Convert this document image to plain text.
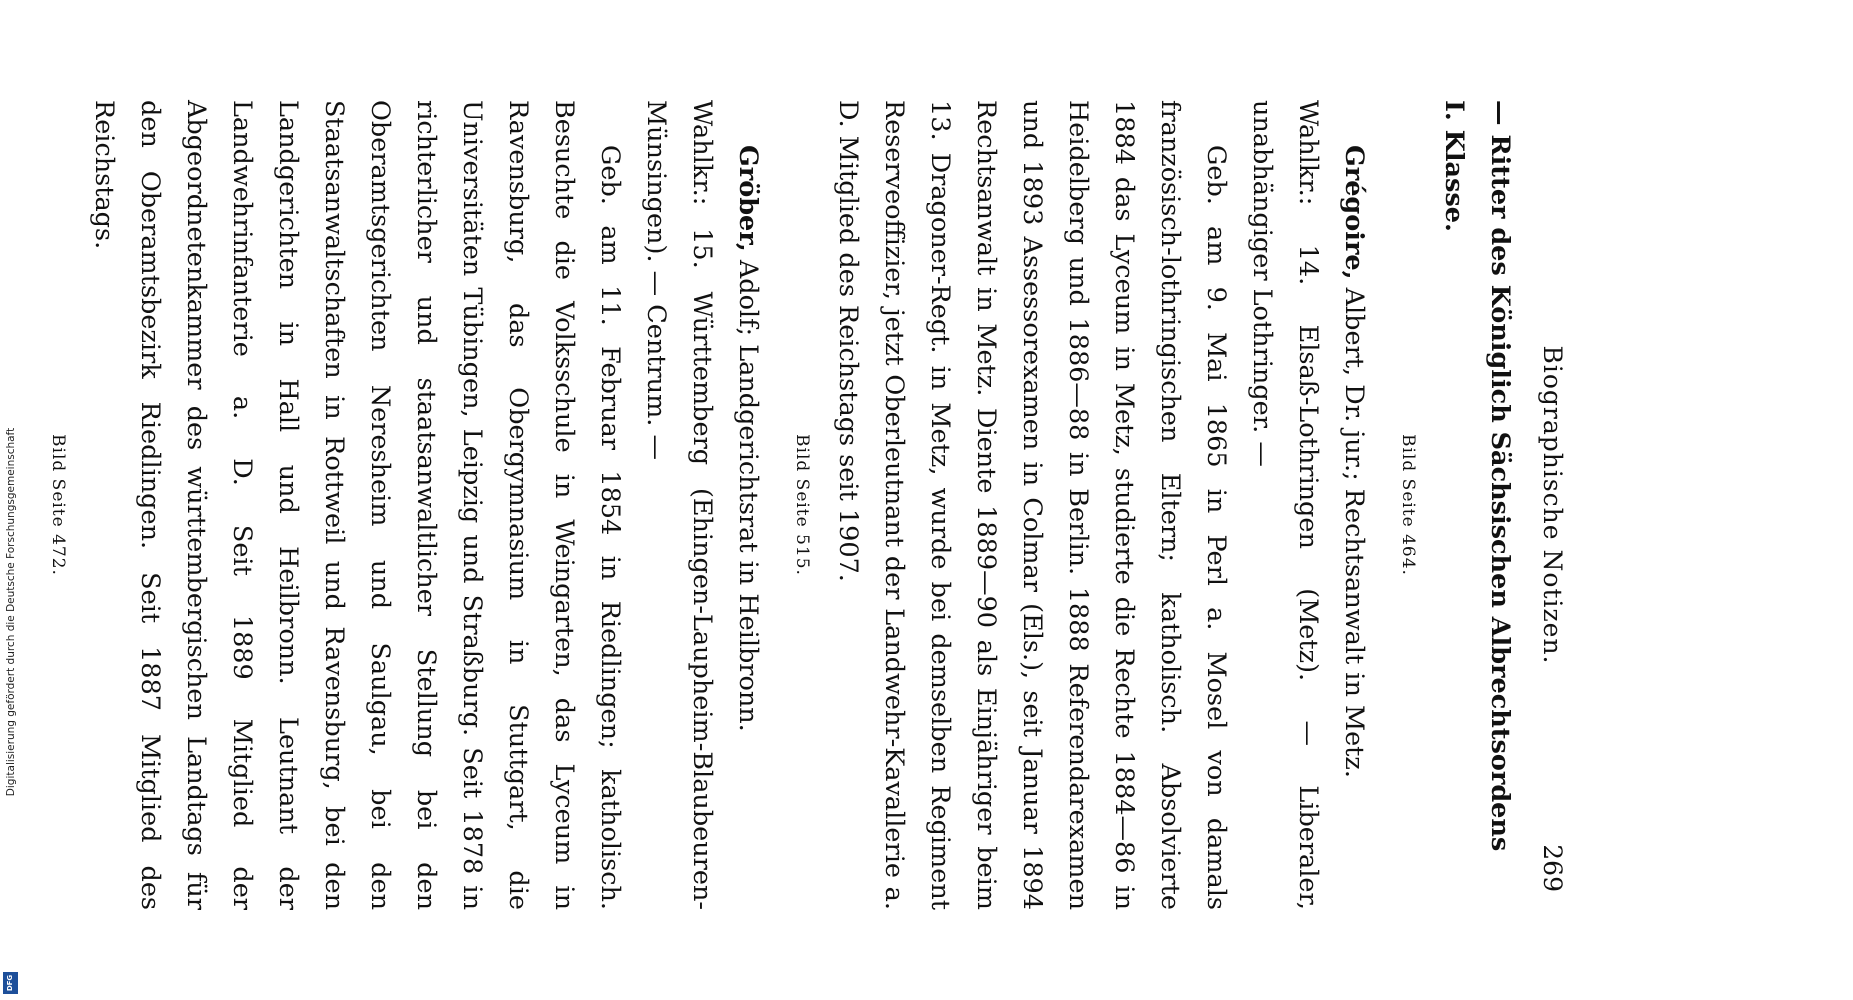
Digitalisierung gefördert durch die Deutsche Forschungsgemeinschaft
DFG
Biographische Notizen.
269

— Ritter des Königlich Sächsischen Albrechtsordens

I. Klasse.

Bild Seite 464.

Grégoire, Albert, Dr. jur.; Rechtsanwalt in Metz.

Wahlkr.: 14. Elsaß-Lothringen (Metz). — Liberaler, unabhängiger Lothringer. —

Geb. am 9. Mai 1865 in Perl a. Mosel von damals französisch-lothringischen Eltern; katholisch. Absolvierte 1884 das Lyceum in Metz, studierte die Rechte 1884—86 in Heidelberg und 1886—88 in Berlin. 1888 Referendarexamen und 1893 Assessorexamen in Colmar (Els.), seit Januar 1894 Rechtsanwalt in Metz. Diente 1889—90 als Einjähriger beim 13. Dragoner-Regt. in Metz, wurde bei demselben Regiment Reserveoffizier, jetzt Oberleutnant der Landwehr-Kavallerie a. D. Mitglied des Reichstags seit 1907.

Bild Seite 515.

Gröber, Adolf; Landgerichtsrat in Heilbronn.

Wahlkr.: 15. Württemberg (Ehingen-Laupheim-Blaubeuren-Münsingen). — Centrum. —

Geb. am 11. Februar 1854 in Riedlingen; katholisch. Besuchte die Volksschule in Weingarten, das Lyceum in Ravensburg, das Obergymnasium in Stuttgart, die Universitäten Tübingen, Leipzig und Straßburg. Seit 1878 in richterlicher und staatsanwaltlicher Stellung bei den Oberamtsgerichten Neresheim und Saulgau, bei den Staatsanwaltschaften in Rottweil und Ravensburg, bei den Landgerichten in Hall und Heilbronn. Leutnant der Landwehrinfanterie a. D. Seit 1889 Mitglied der Abgeordnetenkammer des württembergischen Landtags für den Oberamtsbezirk Riedlingen. Seit 1887 Mitglied des Reichstags.

Bild Seite 472.
